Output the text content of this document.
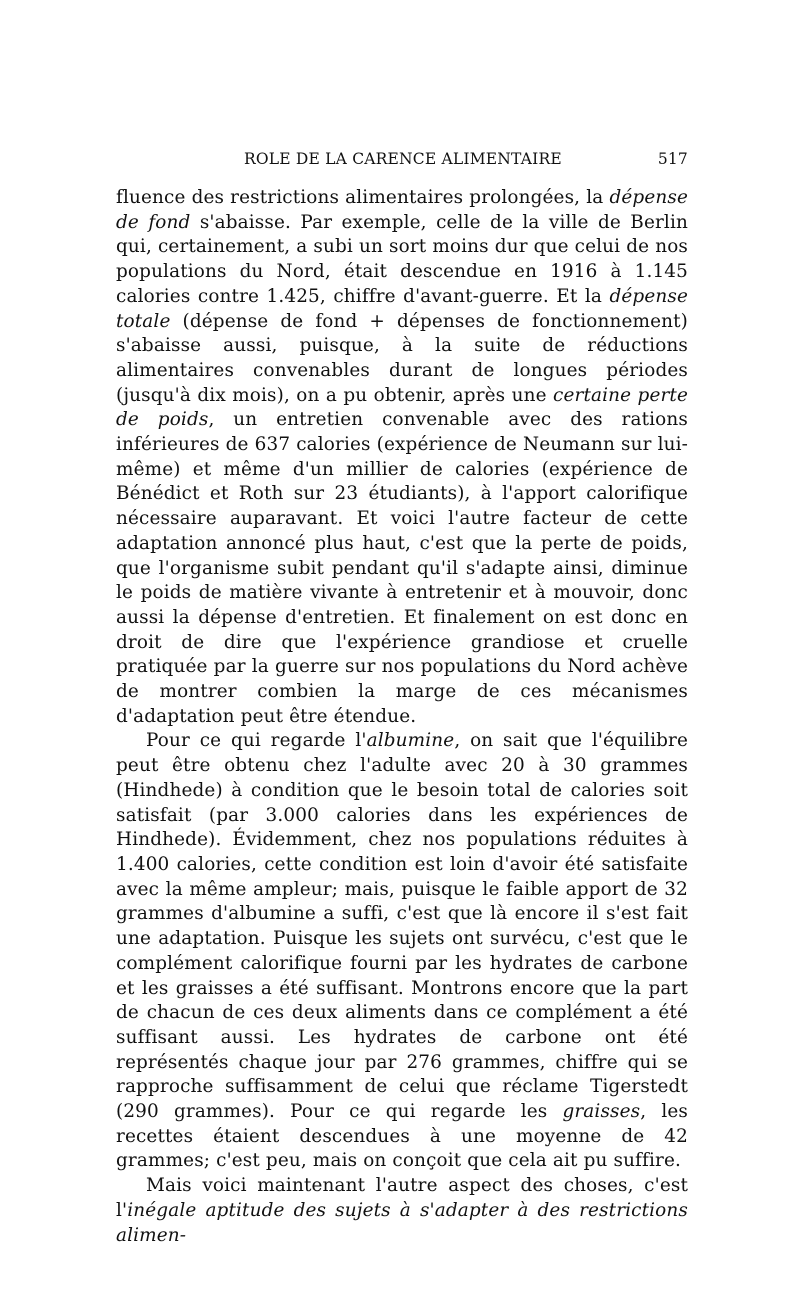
ROLE DE LA CARENCE ALIMENTAIRE	517

fluence des restrictions alimentaires prolongées, la dépense de fond s'abaisse. Par exemple, celle de la ville de Berlin qui, certainement, a subi un sort moins dur que celui de nos populations du Nord, était descendue en 1916 à 1.145 calories contre 1.425, chiffre d'avant-guerre. Et la dépense totale (dépense de fond + dépenses de fonctionnement) s'abaisse aussi, puisque, à la suite de réductions alimentaires convenables durant de longues périodes (jusqu'à dix mois), on a pu obtenir, après une certaine perte de poids, un entretien convenable avec des rations inférieures de 637 calories (expérience de Neumann sur lui-même) et même d'un millier de calories (expérience de Bénédict et Roth sur 23 étudiants), à l'apport calorifique nécessaire auparavant. Et voici l'autre facteur de cette adaptation annoncé plus haut, c'est que la perte de poids, que l'organisme subit pendant qu'il s'adapte ainsi, diminue le poids de matière vivante à entretenir et à mouvoir, donc aussi la dépense d'entretien. Et finalement on est donc en droit de dire que l'expérience grandiose et cruelle pratiquée par la guerre sur nos populations du Nord achève de montrer combien la marge de ces mécanismes d'adaptation peut être étendue.

Pour ce qui regarde l'albumine, on sait que l'équilibre peut être obtenu chez l'adulte avec 20 à 30 grammes (Hindhede) à condition que le besoin total de calories soit satisfait (par 3.000 calories dans les expériences de Hindhede). Évidemment, chez nos populations réduites à 1.400 calories, cette condition est loin d'avoir été satisfaite avec la même ampleur; mais, puisque le faible apport de 32 grammes d'albumine a suffi, c'est que là encore il s'est fait une adaptation. Puisque les sujets ont survécu, c'est que le complément calorifique fourni par les hydrates de carbone et les graisses a été suffisant. Montrons encore que la part de chacun de ces deux aliments dans ce complément a été suffisant aussi. Les hydrates de carbone ont été représentés chaque jour par 276 grammes, chiffre qui se rapproche suffisamment de celui que réclame Tigerstedt (290 grammes). Pour ce qui regarde les graisses, les recettes étaient descendues à une moyenne de 42 grammes; c'est peu, mais on conçoit que cela ait pu suffire.

Mais voici maintenant l'autre aspect des choses, c'est l'inégale aptitude des sujets à s'adapter à des restrictions alimen-
